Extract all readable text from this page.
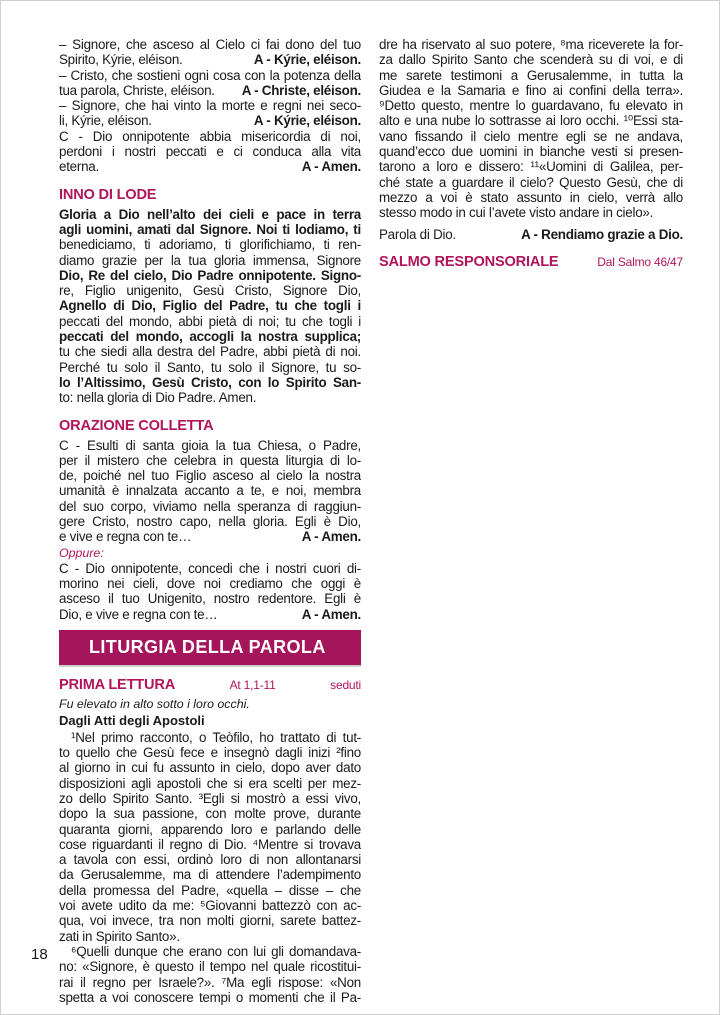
– Signore, che asceso al Cielo ci fai dono del tuo
Spirito, Kýrie, eléison.	A - Kýrie, eléison.
– Cristo, che sostieni ogni cosa con la potenza della
tua parola, Christe, eléison. A - Christe, eléison.
– Signore, che hai vinto la morte e regni nei seco-
li, Kýrie, eléison.	A - Kýrie, eléison.
C - Dio onnipotente abbia misericordia di noi,
perdoni i nostri peccati e ci conduca alla vita
eterna.	A - Amen.

INNO DI LODE

Gloria a Dio nell’alto dei cieli e pace in terra
agli uomini, amati dal Signore. Noi ti lodiamo, ti
benediciamo, ti adoriamo, ti glorifichiamo, ti ren-
diamo grazie per la tua gloria immensa, Signore
Dio, Re del cielo, Dio Padre onnipotente. Signo-
re, Figlio unigenito, Gesù Cristo, Signore Dio,
Agnello di Dio, Figlio del Padre, tu che togli i
peccati del mondo, abbi pietà di noi; tu che togli i
peccati del mondo, accogli la nostra supplica;
tu che siedi alla destra del Padre, abbi pietà di noi.
Perché tu solo il Santo, tu solo il Signore, tu so-
lo l’Altissimo, Gesù Cristo, con lo Spirito San-
to: nella gloria di Dio Padre. Amen.

ORAZIONE COLLETTA

C - Esulti di santa gioia la tua Chiesa, o Padre,
per il mistero che celebra in questa liturgia di lo-
de, poiché nel tuo Figlio asceso al cielo la nostra
umanità è innalzata accanto a te, e noi, membra
del suo corpo, viviamo nella speranza di raggiun-
gere Cristo, nostro capo, nella gloria. Egli è Dio,
e vive e regna con te…	A - Amen.

Oppure:

C - Dio onnipotente, concedi che i nostri cuori di-
morino nei cieli, dove noi crediamo che oggi è
asceso il tuo Unigenito, nostro redentore. Egli è
Dio, e vive e regna con te…	A - Amen.

LITURGIA DELLA PAROLA
PRIMA LETTURA	At 1,1-11	seduti
Fu elevato in alto sotto i loro occhi.
Dagli Atti degli Apostoli

¹Nel primo racconto, o Teòfilo, ho trattato di tut-
to quello che Gesù fece e insegnò dagli inizi ²fino
al giorno in cui fu assunto in cielo, dopo aver dato
disposizioni agli apostoli che si era scelti per mez-
zo dello Spirito Santo. ³Egli si mostrò a essi vivo,
dopo la sua passione, con molte prove, durante
quaranta giorni, apparendo loro e parlando delle
cose riguardanti il regno di Dio. ⁴Mentre si trovava
a tavola con essi, ordinò loro di non allontanarsi
da Gerusalemme, ma di attendere l’adempimento
della promessa del Padre, «quella – disse – che
voi avete udito da me: ⁵Giovanni battezzò con ac-
qua, voi invece, tra non molti giorni, sarete battez-
zati in Spirito Santo».
⁶Quelli dunque che erano con lui gli domandava-
no: «Signore, è questo il tempo nel quale ricostitui-
rai il regno per Israele?». ⁷Ma egli rispose: «Non
spetta a voi conoscere tempi o momenti che il Pa-

dre ha riservato al suo potere, ⁸ma riceverete la for-
za dallo Spirito Santo che scenderà su di voi, e di
me sarete testimoni a Gerusalemme, in tutta la
Giudea e la Samaria e fino ai confini della terra».
⁹Detto questo, mentre lo guardavano, fu elevato in
alto e una nube lo sottrasse ai loro occhi. ¹⁰Essi sta-
vano fissando il cielo mentre egli se ne andava,
quand’ecco due uomini in bianche vesti si presen-
tarono a loro e dissero: ¹¹«Uomini di Galilea, per-
ché state a guardare il cielo? Questo Gesù, che di
mezzo a voi è stato assunto in cielo, verrà allo
stesso modo in cui l’avete visto andare in cielo».

Parola di Dio.	A - Rendiamo grazie a Dio.

SALMO RESPONSORIALE	Dal Salmo 46/47
18
